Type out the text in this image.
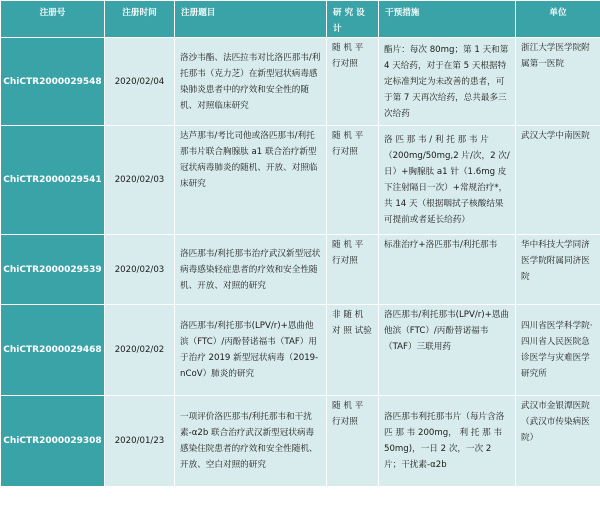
注册号	注册时间	注册题目	研 究 设 计	干预措施	单位
ChiCTR2000029548	2020/02/04	洛沙韦酯、法匹拉韦对比洛匹那韦/利托那韦（克力芝）在新型冠状病毒感染肺炎患者中的疗效和安全性的随机、对照临床研究	随 机 平 行对照	酯片：每次 80mg；第 1 天和第 4 天给药，对于在第 5 天根据特定标准判定为未改善的患者，可于第 7 天再次给药，总共最多三次给药	浙江大学医学院附属第一医院
ChiCTR2000029541	2020/02/03	达芦那韦/考比司他或洛匹那韦/利托那韦片联合胸腺肽 a1 联合治疗新型冠状病毒肺炎的随机、开放、对照临床研究	随 机 平 行对照	洛 匹 那 韦 / 利 托 那 韦 片（200mg/50mg,2 片/次，2 次/日）+胸腺肽 a1 针（1.6mg 皮下注射隔日一次）+常规治疗*，共 14 天（根据咽拭子核酸结果可提前或者延长给药）	武汉大学中南医院
ChiCTR2000029539	2020/02/03	洛匹那韦/利托那韦治疗武汉新型冠状病毒感染轻症患者的疗效和安全性随机、开放、对照的研究	随 机 平 行对照	标准治疗+洛匹那韦/利托那韦	华中科技大学同济医学院附属同济医院
ChiCTR2000029468	2020/02/02	洛匹那韦/利托那韦(LPV/r)+恩曲他滨（FTC）/丙酚替诺福韦（TAF）用于治疗 2019 新型冠状病毒（2019-nCoV）肺炎的研究	非 随 机 对 照 试验	洛匹那韦/利托那韦(LPV/r)+恩曲他滨（FTC）/丙酚替诺福韦（TAF）三联用药	四川省医学科学院·四川省人民医院急诊医学与灾难医学研究所
ChiCTR2000029308	2020/01/23	一项评价洛匹那韦/利托那韦和干扰素-α2b 联合治疗武汉新型冠状病毒感染住院患者的疗效和安全性随机、开放、空白对照的研究	随 机 平 行对照	洛匹那韦利托那韦片（每片含洛匹 那 韦 200mg， 利 托 那 韦50mg)，一日 2 次，一次 2 片；干扰素-α2b	武汉市金银潭医院（武汉市传染病医院）
